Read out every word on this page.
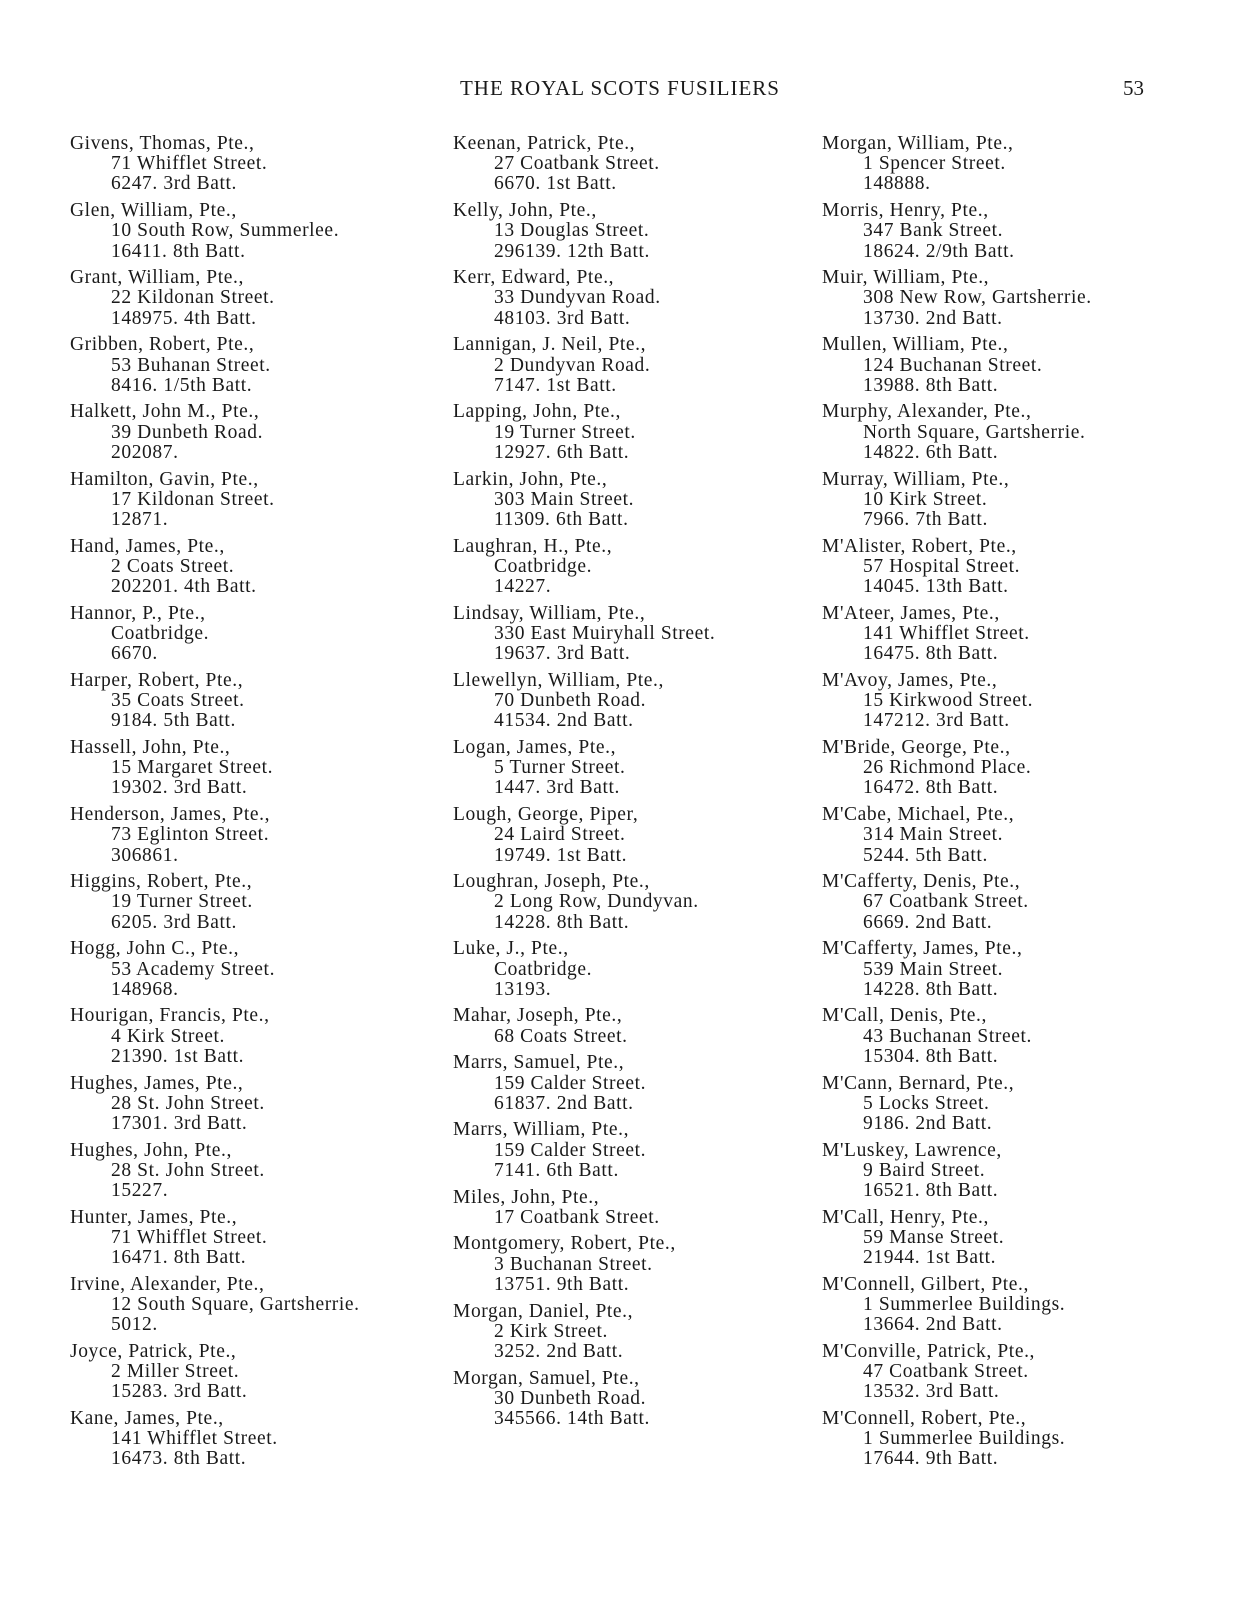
THE ROYAL SCOTS FUSILIERS	53
Givens, Thomas, Pte.,
71 Whifflet Street.
6247. 3rd Batt.
Glen, William, Pte.,
10 South Row, Summerlee.
16411. 8th Batt.
Grant, William, Pte.,
22 Kildonan Street.
148975. 4th Batt.
Gribben, Robert, Pte.,
53 Buhanan Street.
8416. 1/5th Batt.
Halkett, John M., Pte.,
39 Dunbeth Road.
202087.
Hamilton, Gavin, Pte.,
17 Kildonan Street.
12871.
Hand, James, Pte.,
2 Coats Street.
202201. 4th Batt.
Hannor, P., Pte.,
Coatbridge.
6670.
Harper, Robert, Pte.,
35 Coats Street.
9184. 5th Batt.
Hassell, John, Pte.,
15 Margaret Street.
19302. 3rd Batt.
Henderson, James, Pte.,
73 Eglinton Street.
306861.
Higgins, Robert, Pte.,
19 Turner Street.
6205. 3rd Batt.
Hogg, John C., Pte.,
53 Academy Street.
148968.
Hourigan, Francis, Pte.,
4 Kirk Street.
21390. 1st Batt.
Hughes, James, Pte.,
28 St. John Street.
17301. 3rd Batt.
Hughes, John, Pte.,
28 St. John Street.
15227.
Hunter, James, Pte.,
71 Whifflet Street.
16471. 8th Batt.
Irvine, Alexander, Pte.,
12 South Square, Gartsherrie.
5012.
Joyce, Patrick, Pte.,
2 Miller Street.
15283. 3rd Batt.
Kane, James, Pte.,
141 Whifflet Street.
16473. 8th Batt.
Keenan, Patrick, Pte.,
27 Coatbank Street.
6670. 1st Batt.
Kelly, John, Pte.,
13 Douglas Street.
296139. 12th Batt.
Kerr, Edward, Pte.,
33 Dundyvan Road.
48103. 3rd Batt.
Lannigan, J. Neil, Pte.,
2 Dundyvan Road.
7147. 1st Batt.
Lapping, John, Pte.,
19 Turner Street.
12927. 6th Batt.
Larkin, John, Pte.,
303 Main Street.
11309. 6th Batt.
Laughran, H., Pte.,
Coatbridge.
14227.
Lindsay, William, Pte.,
330 East Muiryhall Street.
19637. 3rd Batt.
Llewellyn, William, Pte.,
70 Dunbeth Road.
41534. 2nd Batt.
Logan, James, Pte.,
5 Turner Street.
1447. 3rd Batt.
Lough, George, Piper,
24 Laird Street.
19749. 1st Batt.
Loughran, Joseph, Pte.,
2 Long Row, Dundyvan.
14228. 8th Batt.
Luke, J., Pte.,
Coatbridge.
13193.
Mahar, Joseph, Pte.,
68 Coats Street.
Marrs, Samuel, Pte.,
159 Calder Street.
61837. 2nd Batt.
Marrs, William, Pte.,
159 Calder Street.
7141. 6th Batt.
Miles, John, Pte.,
17 Coatbank Street.
Montgomery, Robert, Pte.,
3 Buchanan Street.
13751. 9th Batt.
Morgan, Daniel, Pte.,
2 Kirk Street.
3252. 2nd Batt.
Morgan, Samuel, Pte.,
30 Dunbeth Road.
345566. 14th Batt.
Morgan, William, Pte.,
1 Spencer Street.
148888.
Morris, Henry, Pte.,
347 Bank Street.
18624. 2/9th Batt.
Muir, William, Pte.,
308 New Row, Gartsherrie.
13730. 2nd Batt.
Mullen, William, Pte.,
124 Buchanan Street.
13988. 8th Batt.
Murphy, Alexander, Pte.,
North Square, Gartsherrie.
14822. 6th Batt.
Murray, William, Pte.,
10 Kirk Street.
7966. 7th Batt.
M'Alister, Robert, Pte.,
57 Hospital Street.
14045. 13th Batt.
M'Ateer, James, Pte.,
141 Whifflet Street.
16475. 8th Batt.
M'Avoy, James, Pte.,
15 Kirkwood Street.
147212. 3rd Batt.
M'Bride, George, Pte.,
26 Richmond Place.
16472. 8th Batt.
M'Cabe, Michael, Pte.,
314 Main Street.
5244. 5th Batt.
M'Cafferty, Denis, Pte.,
67 Coatbank Street.
6669. 2nd Batt.
M'Cafferty, James, Pte.,
539 Main Street.
14228. 8th Batt.
M'Call, Denis, Pte.,
43 Buchanan Street.
15304. 8th Batt.
M'Cann, Bernard, Pte.,
5 Locks Street.
9186. 2nd Batt.
M'Luskey, Lawrence,
9 Baird Street.
16521. 8th Batt.
M'Call, Henry, Pte.,
59 Manse Street.
21944. 1st Batt.
M'Connell, Gilbert, Pte.,
1 Summerlee Buildings.
13664. 2nd Batt.
M'Conville, Patrick, Pte.,
47 Coatbank Street.
13532. 3rd Batt.
M'Connell, Robert, Pte.,
1 Summerlee Buildings.
17644. 9th Batt.
